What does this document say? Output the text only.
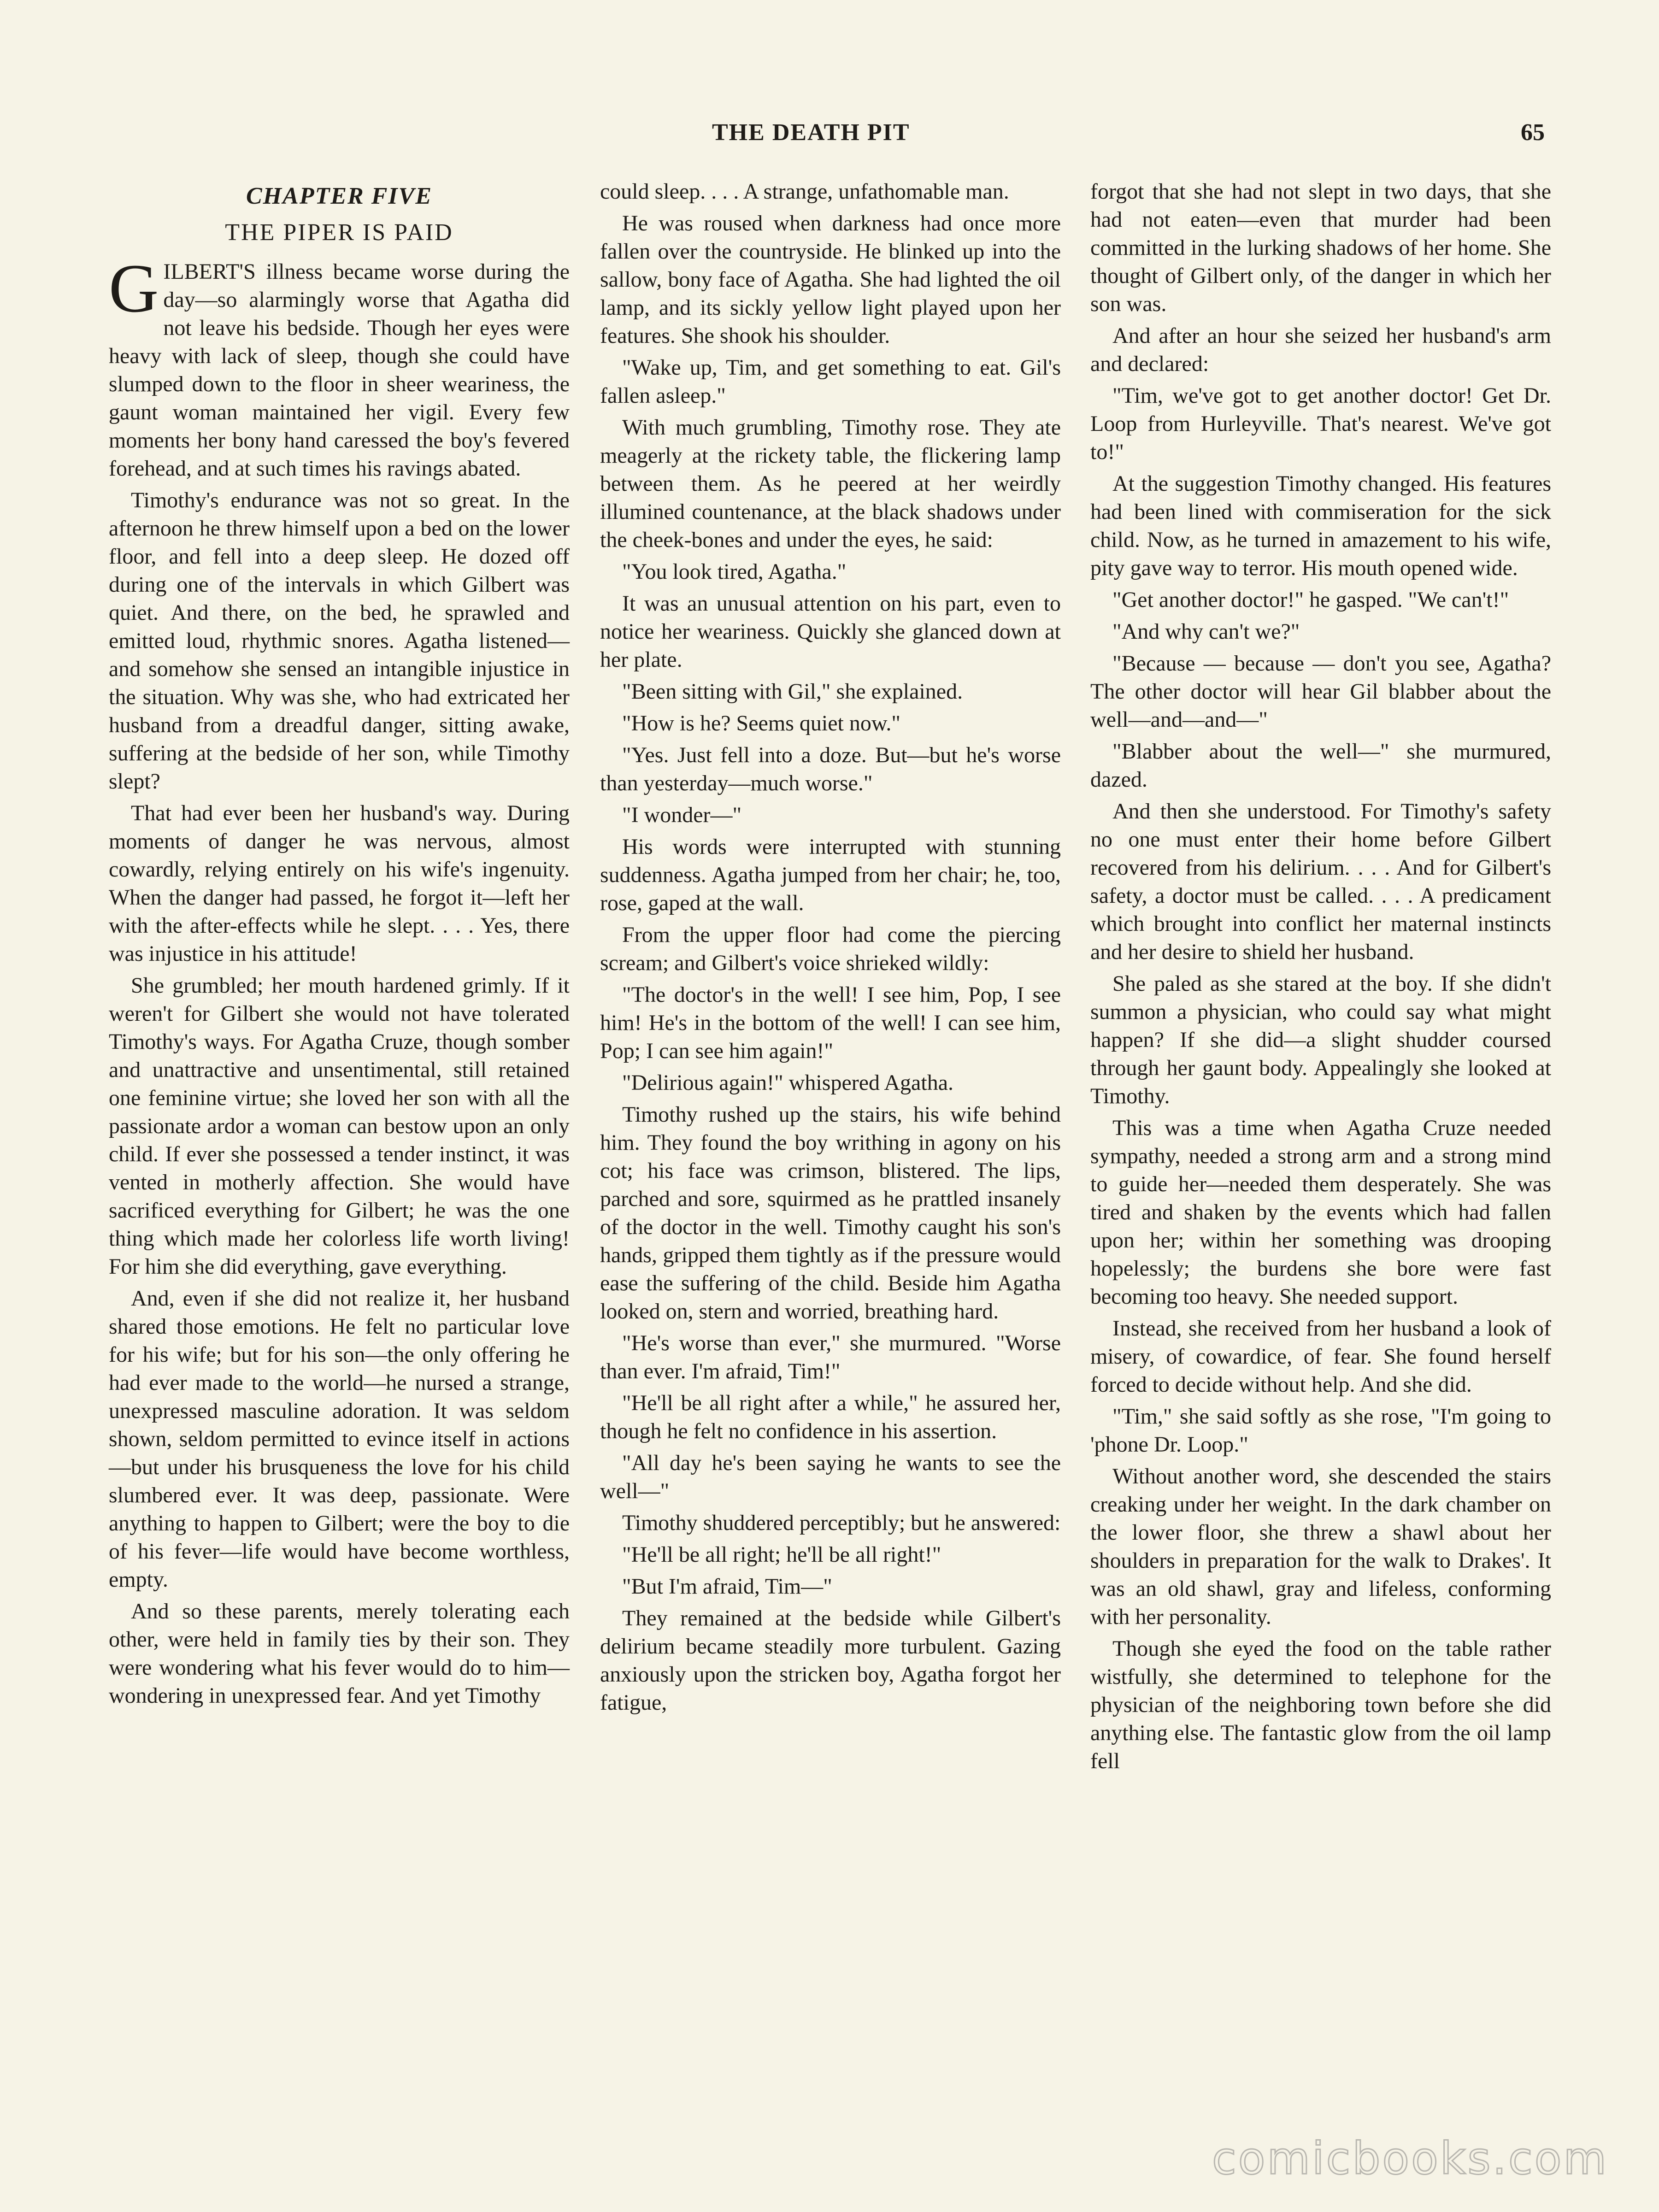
THE DEATH PIT	65
CHAPTER FIVE
THE PIPER IS PAID

GILBERT'S illness became worse during the day—so alarmingly worse that Agatha did not leave his bedside. Though her eyes were heavy with lack of sleep, though she could have slumped down to the floor in sheer weariness, the gaunt woman maintained her vigil. Every few moments her bony hand caressed the boy's fevered forehead, and at such times his ravings abated.

Timothy's endurance was not so great. In the afternoon he threw himself upon a bed on the lower floor, and fell into a deep sleep. He dozed off during one of the intervals in which Gilbert was quiet. And there, on the bed, he sprawled and emitted loud, rhythmic snores. Agatha listened—and somehow she sensed an intangible injustice in the situation. Why was she, who had extricated her husband from a dreadful danger, sitting awake, suffering at the bedside of her son, while Timothy slept?

That had ever been her husband's way. During moments of danger he was nervous, almost cowardly, relying entirely on his wife's ingenuity. When the danger had passed, he forgot it—left her with the after-effects while he slept. . . . Yes, there was injustice in his attitude!

She grumbled; her mouth hardened grimly. If it weren't for Gilbert she would not have tolerated Timothy's ways. For Agatha Cruze, though somber and unattractive and unsentimental, still retained one feminine virtue; she loved her son with all the passionate ardor a woman can bestow upon an only child. If ever she possessed a tender instinct, it was vented in motherly affection. She would have sacrificed everything for Gilbert; he was the one thing which made her colorless life worth living! For him she did everything, gave everything.

And, even if she did not realize it, her husband shared those emotions. He felt no particular love for his wife; but for his son—the only offering he had ever made to the world—he nursed a strange, unexpressed masculine adoration. It was seldom shown, seldom permitted to evince itself in actions—but under his brusqueness the love for his child slumbered ever. It was deep, passionate. Were anything to happen to Gilbert; were the boy to die of his fever—life would have become worthless, empty.

And so these parents, merely tolerating each other, were held in family ties by their son. They were wondering what his fever would do to him—wondering in unexpressed fear. And yet Timothy

could sleep. . . . A strange, unfathomable man.

He was roused when darkness had once more fallen over the countryside. He blinked up into the sallow, bony face of Agatha. She had lighted the oil lamp, and its sickly yellow light played upon her features. She shook his shoulder.

"Wake up, Tim, and get something to eat. Gil's fallen asleep."

With much grumbling, Timothy rose. They ate meagerly at the rickety table, the flickering lamp between them. As he peered at her weirdly illumined countenance, at the black shadows under the cheek-bones and under the eyes, he said:

"You look tired, Agatha."

It was an unusual attention on his part, even to notice her weariness. Quickly she glanced down at her plate.

"Been sitting with Gil," she explained.

"How is he? Seems quiet now."

"Yes. Just fell into a doze. But—but he's worse than yesterday—much worse."

"I wonder—"

His words were interrupted with stunning suddenness. Agatha jumped from her chair; he, too, rose, gaped at the wall.

From the upper floor had come the piercing scream; and Gilbert's voice shrieked wildly:

"The doctor's in the well! I see him, Pop, I see him! He's in the bottom of the well! I can see him, Pop; I can see him again!"

"Delirious again!" whispered Agatha.

Timothy rushed up the stairs, his wife behind him. They found the boy writhing in agony on his cot; his face was crimson, blistered. The lips, parched and sore, squirmed as he prattled insanely of the doctor in the well. Timothy caught his son's hands, gripped them tightly as if the pressure would ease the suffering of the child. Beside him Agatha looked on, stern and worried, breathing hard.

"He's worse than ever," she murmured. "Worse than ever. I'm afraid, Tim!"

"He'll be all right after a while," he assured her, though he felt no confidence in his assertion.

"All day he's been saying he wants to see the well—"

Timothy shuddered perceptibly; but he answered:

"He'll be all right; he'll be all right!"

"But I'm afraid, Tim—"

They remained at the bedside while Gilbert's delirium became steadily more turbulent. Gazing anxiously upon the stricken boy, Agatha forgot her fatigue,

forgot that she had not slept in two days, that she had not eaten—even that murder had been committed in the lurking shadows of her home. She thought of Gilbert only, of the danger in which her son was.

And after an hour she seized her husband's arm and declared:

"Tim, we've got to get another doctor! Get Dr. Loop from Hurleyville. That's nearest. We've got to!"

At the suggestion Timothy changed. His features had been lined with commiseration for the sick child. Now, as he turned in amazement to his wife, pity gave way to terror. His mouth opened wide.

"Get another doctor!" he gasped. "We can't!"

"And why can't we?"

"Because — because — don't you see, Agatha? The other doctor will hear Gil blabber about the well—and—and—"

"Blabber about the well—" she murmured, dazed.

And then she understood. For Timothy's safety no one must enter their home before Gilbert recovered from his delirium. . . . And for Gilbert's safety, a doctor must be called. . . . A predicament which brought into conflict her maternal instincts and her desire to shield her husband.

She paled as she stared at the boy. If she didn't summon a physician, who could say what might happen? If she did—a slight shudder coursed through her gaunt body. Appealingly she looked at Timothy.

This was a time when Agatha Cruze needed sympathy, needed a strong arm and a strong mind to guide her—needed them desperately. She was tired and shaken by the events which had fallen upon her; within her something was drooping hopelessly; the burdens she bore were fast becoming too heavy. She needed support.

Instead, she received from her husband a look of misery, of cowardice, of fear. She found herself forced to decide without help. And she did.

"Tim," she said softly as she rose, "I'm going to 'phone Dr. Loop."

Without another word, she descended the stairs creaking under her weight. In the dark chamber on the lower floor, she threw a shawl about her shoulders in preparation for the walk to Drakes'. It was an old shawl, gray and lifeless, conforming with her personality.

Though she eyed the food on the table rather wistfully, she determined to telephone for the physician of the neighboring town before she did anything else. The fantastic glow from the oil lamp fell

comicbooks.com
